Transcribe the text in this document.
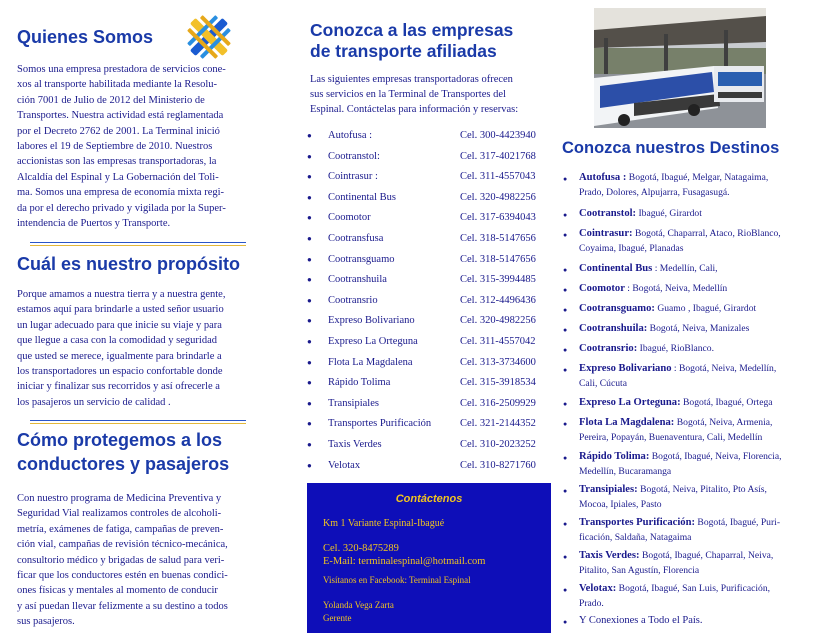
Quienes Somos
Somos una empresa prestadora de servicios cone-
xos al transporte habilitada mediante la Resolu-
ción 7001 de Julio de 2012 del Ministerio de
Transportes. Nuestra actividad está reglamentada
por el Decreto 2762 de 2001. La Terminal inició
labores el 19 de Septiembre de 2010. Nuestros
accionistas son las empresas transportadoras, la
Alcaldía del Espinal y La Gobernación del Toli-
ma. Somos una empresa de economía mixta regi-
da por el derecho privado y vigilada por la Super-
intendencia de Puertos y Transporte.
Cuál es nuestro propósito
Porque amamos a nuestra tierra y a nuestra gente,
estamos aquí para brindarle a usted señor usuario
un lugar adecuado para que inicie su viaje y para
que llegue a casa con la comodidad y seguridad
que usted se merece, igualmente para brindarle a
los transportadores un espacio confortable donde
iniciar y finalizar sus recorridos y así ofrecerle a
los pasajeros un servicio de calidad .
Cómo protegemos a los
conductores y pasajeros
Con nuestro programa de Medicina Preventiva y
Seguridad Vial realizamos controles de alcoholi-
metría, exámenes de fatiga, campañas de preven-
ción vial, campañas de revisión técnico-mecánica,
consultorio médico y brigadas de salud para veri-
ficar que los conductores estén en buenas condici-
ones físicas y mentales al momento de conducir
y así puedan llevar felizmente a su destino a todos
sus pasajeros.
Conozca a las empresas
de transporte afiliadas
Las siguientes empresas transportadoras ofrecen
sus servicios en la Terminal de Transportes del
Espinal. Contáctelas para información y reservas:
●	Autofusa :	Cel. 300-4423940
●	Cootranstol:	Cel. 317-4021768
●	Cointrasur :	Cel. 311-4557043
●	Continental Bus	Cel. 320-4982256
●	Coomotor	Cel. 317-6394043
●	Cootransfusa	Cel. 318-5147656
●	Cootransguamo	Cel. 318-5147656
●	Cootranshuila	Cel. 315-3994485
●	Cootransrio	Cel. 312-4496436
●	Expreso Bolivariano	Cel. 320-4982256
●	Expreso La Orteguna	Cel. 311-4557042
●	Flota La Magdalena	Cel. 313-3734600
●	Rápido Tolima	Cel. 315-3918534
●	Transipiales	Cel. 316-2509929
●	Transportes Purificación	Cel. 321-2144352
●	Taxis Verdes	Cel. 310-2023252
●	Velotax	Cel. 310-8271760
Contáctenos
Km 1 Variante Espinal-Ibagué
Cel. 320-8475289
E-Mail: terminalespinal@hotmail.com
Visítanos en Facebook: Terminal Espinal
Yolanda Vega Zarta
Gerente
Conozca nuestros Destinos
● Autofusa : Bogotá, Ibagué, Melgar, Natagaima,
Prado, Dolores, Alpujarra, Fusagasugá.
● Cootranstol: Ibagué, Girardot
● Cointrasur: Bogotá, Chaparral, Ataco, RioBlanco,
Coyaima, Ibagué, Planadas
● Continental Bus : Medellín, Cali,
● Coomotor : Bogotá, Neiva, Medellín
● Cootransguamo: Guamo , Ibagué, Girardot
● Cootranshuila: Bogotá, Neiva, Manizales
● Cootransrio: Ibagué, RioBlanco.
● Expreso Bolivariano : Bogotá, Neiva, Medellín,
Cali, Cúcuta
● Expreso La Orteguna: Bogotá, Ibagué, Ortega
● Flota La Magdalena: Bogotá, Neiva, Armenia,
Pereira, Popayán, Buenaventura, Cali, Medellín
● Rápido Tolima: Bogotá, Ibagué, Neiva, Florencia,
Medellín, Bucaramanga
● Transipiales: Bogotá, Neiva, Pitalito, Pto Asís,
Mocoa, Ipiales, Pasto
● Transportes Purificación: Bogotá, Ibagué, Puri-
ficación, Saldaña, Natagaima
● Taxis Verdes: Bogotá, Ibagué, Chaparral, Neiva,
Pitalito, San Agustín, Florencia
● Velotax: Bogotá, Ibagué, San Luis, Purificación,
Prado.
● Y Conexiones a Todo el País.
